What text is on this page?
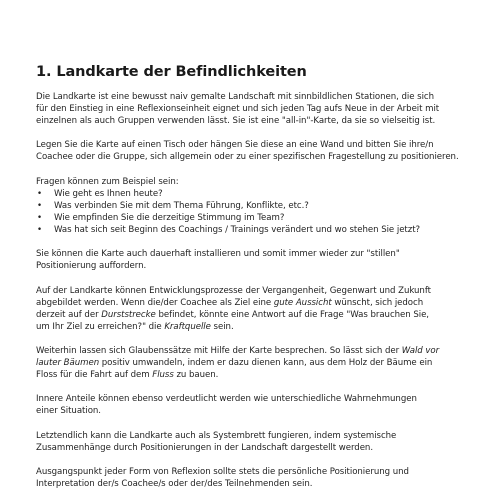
1. Landkarte der Befindlichkeiten

Die Landkarte ist eine bewusst naiv gemalte Landschaft mit sinnbildlichen Stationen, die sich
für den Einstieg in eine Reflexionseinheit eignet und sich jeden Tag aufs Neue in der Arbeit mit
einzelnen als auch Gruppen verwenden lässt. Sie ist eine "all-in"-Karte, da sie so vielseitig ist.

Legen Sie die Karte auf einen Tisch oder hängen Sie diese an eine Wand und bitten Sie ihre/n
Coachee oder die Gruppe, sich allgemein oder zu einer spezifischen Fragestellung zu positionieren.

Fragen können zum Beispiel sein:

• Wie geht es Ihnen heute?
• Was verbinden Sie mit dem Thema Führung, Konflikte, etc.?
• Wie empfinden Sie die derzeitige Stimmung im Team?
• Was hat sich seit Beginn des Coachings / Trainings verändert und wo stehen Sie jetzt?

Sie können die Karte auch dauerhaft installieren und somit immer wieder zur "stillen"
Positionierung auffordern.

Auf der Landkarte können Entwicklungsprozesse der Vergangenheit, Gegenwart und Zukunft
abgebildet werden. Wenn die/der Coachee als Ziel eine gute Aussicht wünscht, sich jedoch
derzeit auf der Durststrecke befindet, könnte eine Antwort auf die Frage "Was brauchen Sie,
um Ihr Ziel zu erreichen?" die Kraftquelle sein.

Weiterhin lassen sich Glaubenssätze mit Hilfe der Karte besprechen. So lässt sich der Wald vor
lauter Bäumen positiv umwandeln, indem er dazu dienen kann, aus dem Holz der Bäume ein
Floss für die Fahrt auf dem Fluss zu bauen.

Innere Anteile können ebenso verdeutlicht werden wie unterschiedliche Wahrnehmungen
einer Situation.

Letztendlich kann die Landkarte auch als Systembrett fungieren, indem systemische
Zusammenhänge durch Positionierungen in der Landschaft dargestellt werden.

Ausgangspunkt jeder Form von Reflexion sollte stets die persönliche Positionierung und
Interpretation der/s Coachee/s oder der/des Teilnehmenden sein.
